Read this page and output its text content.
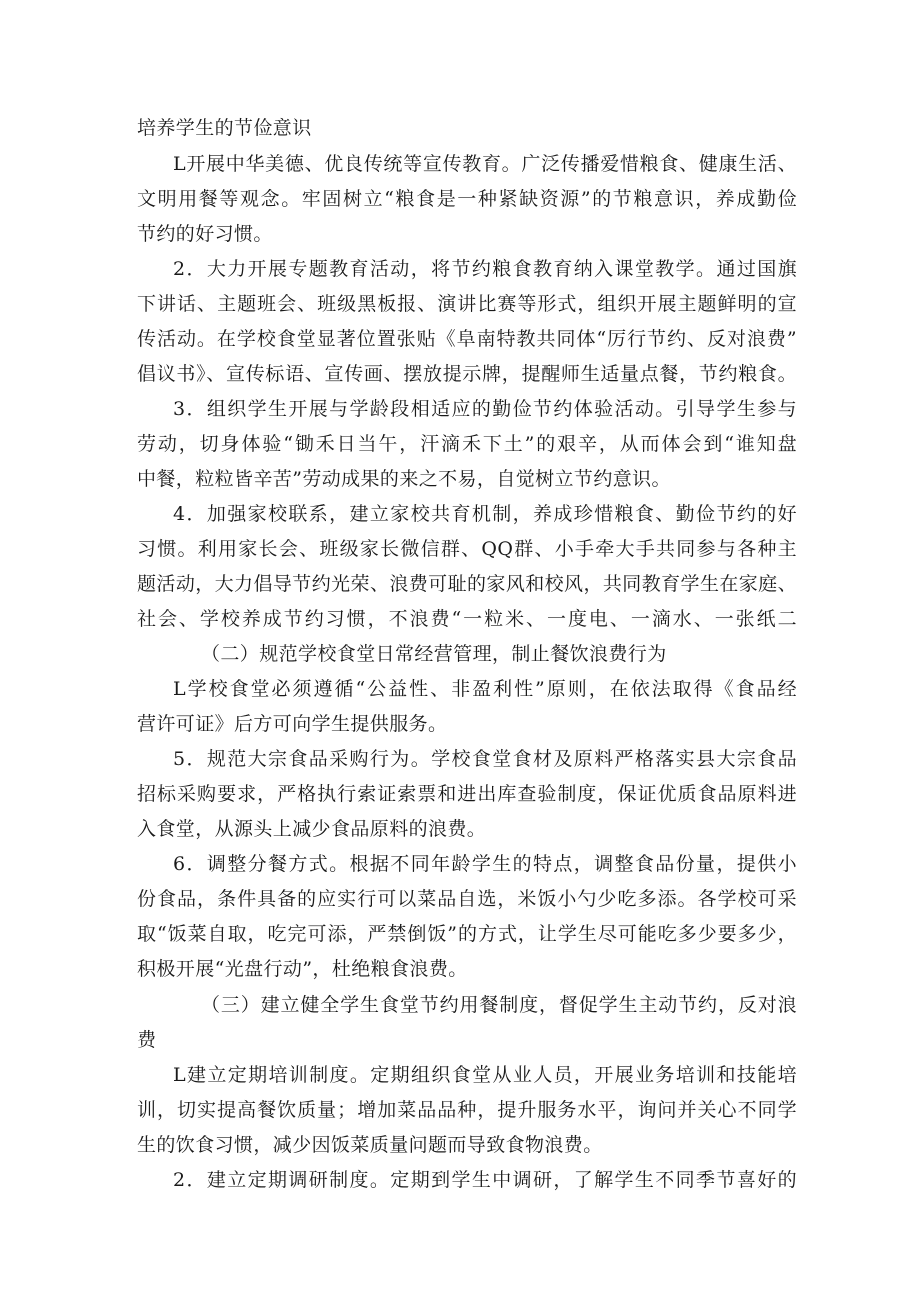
培养学生的节俭意识
L开展中华美德、优良传统等宣传教育。广泛传播爱惜粮食、健康生活、
文明用餐等观念。牢固树立“粮食是一种紧缺资源”的节粮意识，养成勤俭
节约的好习惯。
2．大力开展专题教育活动，将节约粮食教育纳入课堂教学。通过国旗
下讲话、主题班会、班级黑板报、演讲比赛等形式，组织开展主题鲜明的宣
传活动。在学校食堂显著位置张贴《阜南特教共同体“厉行节约、反对浪费”
倡议书》、宣传标语、宣传画、摆放提示牌，提醒师生适量点餐，节约粮食。
3．组织学生开展与学龄段相适应的勤俭节约体验活动。引导学生参与
劳动，切身体验“锄禾日当午，汗滴禾下土”的艰辛，从而体会到“谁知盘
中餐，粒粒皆辛苦”劳动成果的来之不易，自觉树立节约意识。
4．加强家校联系，建立家校共育机制，养成珍惜粮食、勤俭节约的好
习惯。利用家长会、班级家长微信群、QQ群、小手牵大手共同参与各种主
题活动，大力倡导节约光荣、浪费可耻的家风和校风，共同教育学生在家庭、
社会、学校养成节约习惯，不浪费“一粒米、一度电、一滴水、一张纸二
（二）规范学校食堂日常经营管理，制止餐饮浪费行为
L学校食堂必须遵循“公益性、非盈利性”原则，在依法取得《食品经
营许可证》后方可向学生提供服务。
5．规范大宗食品采购行为。学校食堂食材及原料严格落实县大宗食品
招标采购要求，严格执行索证索票和进出库查验制度，保证优质食品原料进
入食堂，从源头上减少食品原料的浪费。
6．调整分餐方式。根据不同年龄学生的特点，调整食品份量，提供小
份食品，条件具备的应实行可以菜品自选，米饭小勺少吃多添。各学校可采
取“饭菜自取，吃完可添，严禁倒饭”的方式，让学生尽可能吃多少要多少，
积极开展“光盘行动”，杜绝粮食浪费。
（三）建立健全学生食堂节约用餐制度，督促学生主动节约，反对浪
费
L建立定期培训制度。定期组织食堂从业人员，开展业务培训和技能培
训，切实提高餐饮质量；增加菜品品种，提升服务水平，询问并关心不同学
生的饮食习惯，减少因饭菜质量问题而导致食物浪费。
2．建立定期调研制度。定期到学生中调研，了解学生不同季节喜好的
